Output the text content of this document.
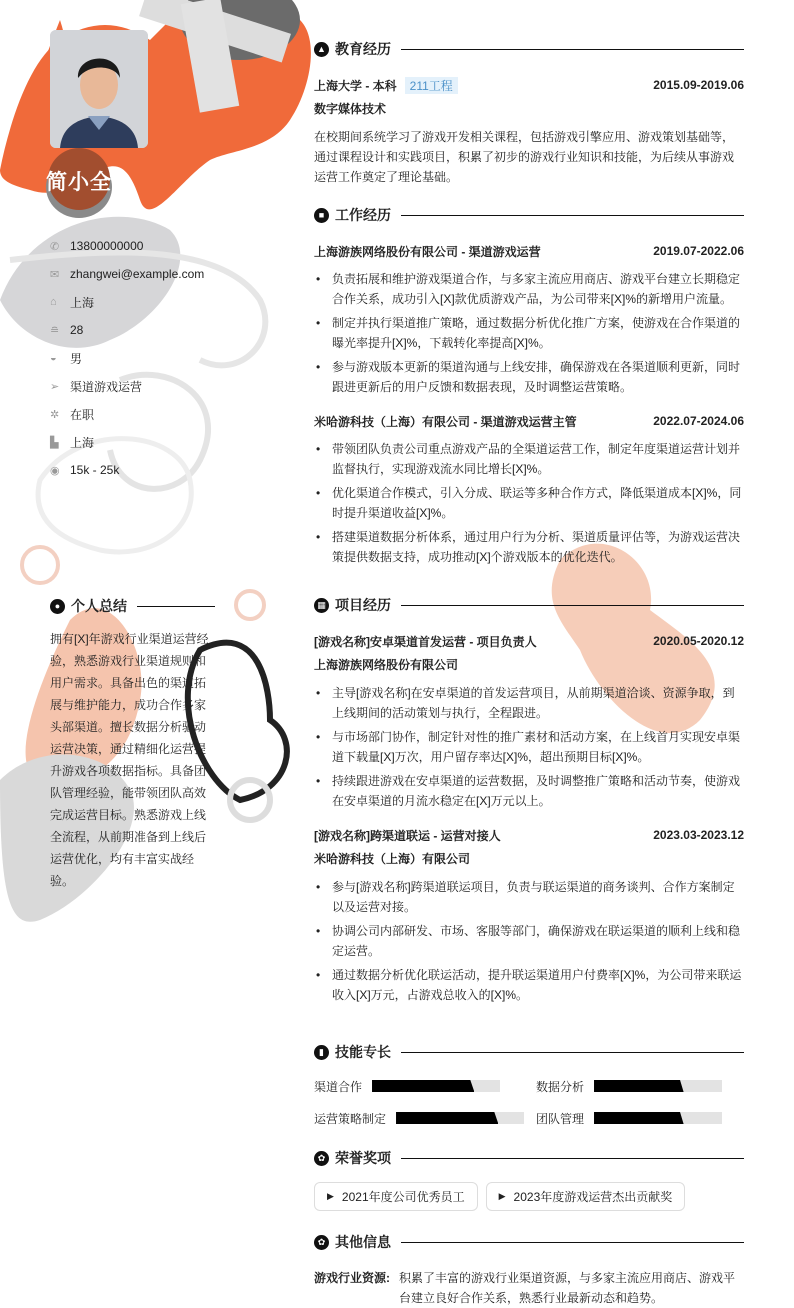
简小全
✆ 13800000000
✉ zhangwei@example.com
⌂	上海
≘ 28
◒	男
➢ 渠道游戏运营
✲ 在职
▙ 上海
◉ 15k - 25k
● 个人总结

拥有[X]年游戏行业渠道运营经验，熟悉游戏行业渠道规则和用户需求。具备出色的渠道拓展与维护能力，成功合作多家头部渠道。擅长数据分析驱动运营决策，通过精细化运营提升游戏各项数据指标。具备团队管理经验，能带领团队高效完成运营目标。熟悉游戏上线全流程，从前期准备到上线后运营优化，均有丰富实战经验。

▲ 教育经历
上海大学 - 本科 211工程	2015.09-2019.06
数字媒体技术
在校期间系统学习了游戏开发相关课程，包括游戏引擎应用、游戏策划基础等，通过课程设计和实践项目，积累了初步的游戏行业知识和技能，为后续从事游戏运营工作奠定了理论基础。
■ 工作经历
上海游族网络股份有限公司 - 渠道游戏运营	2019.07-2022.06
• 负责拓展和维护游戏渠道合作，与多家主流应用商店、游戏平台建立长期稳定合作关系，成功引入[X]款优质游戏产品，为公司带来[X]%的新增用户流量。
• 制定并执行渠道推广策略，通过数据分析优化推广方案，使游戏在合作渠道的曝光率提升[X]%，下载转化率提高[X]%。
• 参与游戏版本更新的渠道沟通与上线安排，确保游戏在各渠道顺利更新，同时跟进更新后的用户反馈和数据表现，及时调整运营策略。
米哈游科技（上海）有限公司 - 渠道游戏运营主管	2022.07-2024.06
• 带领团队负责公司重点游戏产品的全渠道运营工作，制定年度渠道运营计划并监督执行，实现游戏流水同比增长[X]%。
• 优化渠道合作模式，引入分成、联运等多种合作方式，降低渠道成本[X]%，同时提升渠道收益[X]%。
• 搭建渠道数据分析体系，通过用户行为分析、渠道质量评估等，为游戏运营决策提供数据支持，成功推动[X]个游戏版本的优化迭代。
▦ 项目经历
[游戏名称]安卓渠道首发运营 - 项目负责人	2020.05-2020.12
上海游族网络股份有限公司
• 主导[游戏名称]在安卓渠道的首发运营项目，从前期渠道洽谈、资源争取，到上线期间的活动策划与执行，全程跟进。
• 与市场部门协作，制定针对性的推广素材和活动方案，在上线首月实现安卓渠道下载量[X]万次，用户留存率达[X]%，超出预期目标[X]%。
• 持续跟进游戏在安卓渠道的运营数据，及时调整推广策略和活动节奏，使游戏在安卓渠道的月流水稳定在[X]万元以上。
[游戏名称]跨渠道联运 - 运营对接人	2023.03-2023.12
米哈游科技（上海）有限公司
• 参与[游戏名称]跨渠道联运项目，负责与联运渠道的商务谈判、合作方案制定以及运营对接。
• 协调公司内部研发、市场、客服等部门，确保游戏在联运渠道的顺利上线和稳定运营。
• 通过数据分析优化联运活动，提升联运渠道用户付费率[X]%，为公司带来联运收入[X]万元，占游戏总收入的[X]%。
▮ 技能专长
渠道合作	数据分析
运营策略制定	团队管理
✿ 荣誉奖项
▶ 2021年度公司优秀员工	▶ 2023年度游戏运营杰出贡献奖
✿ 其他信息
游戏行业资源: 积累了丰富的游戏行业渠道资源，与多家主流应用商店、游戏平台建立良好合作关系，熟悉行业最新动态和趋势。
